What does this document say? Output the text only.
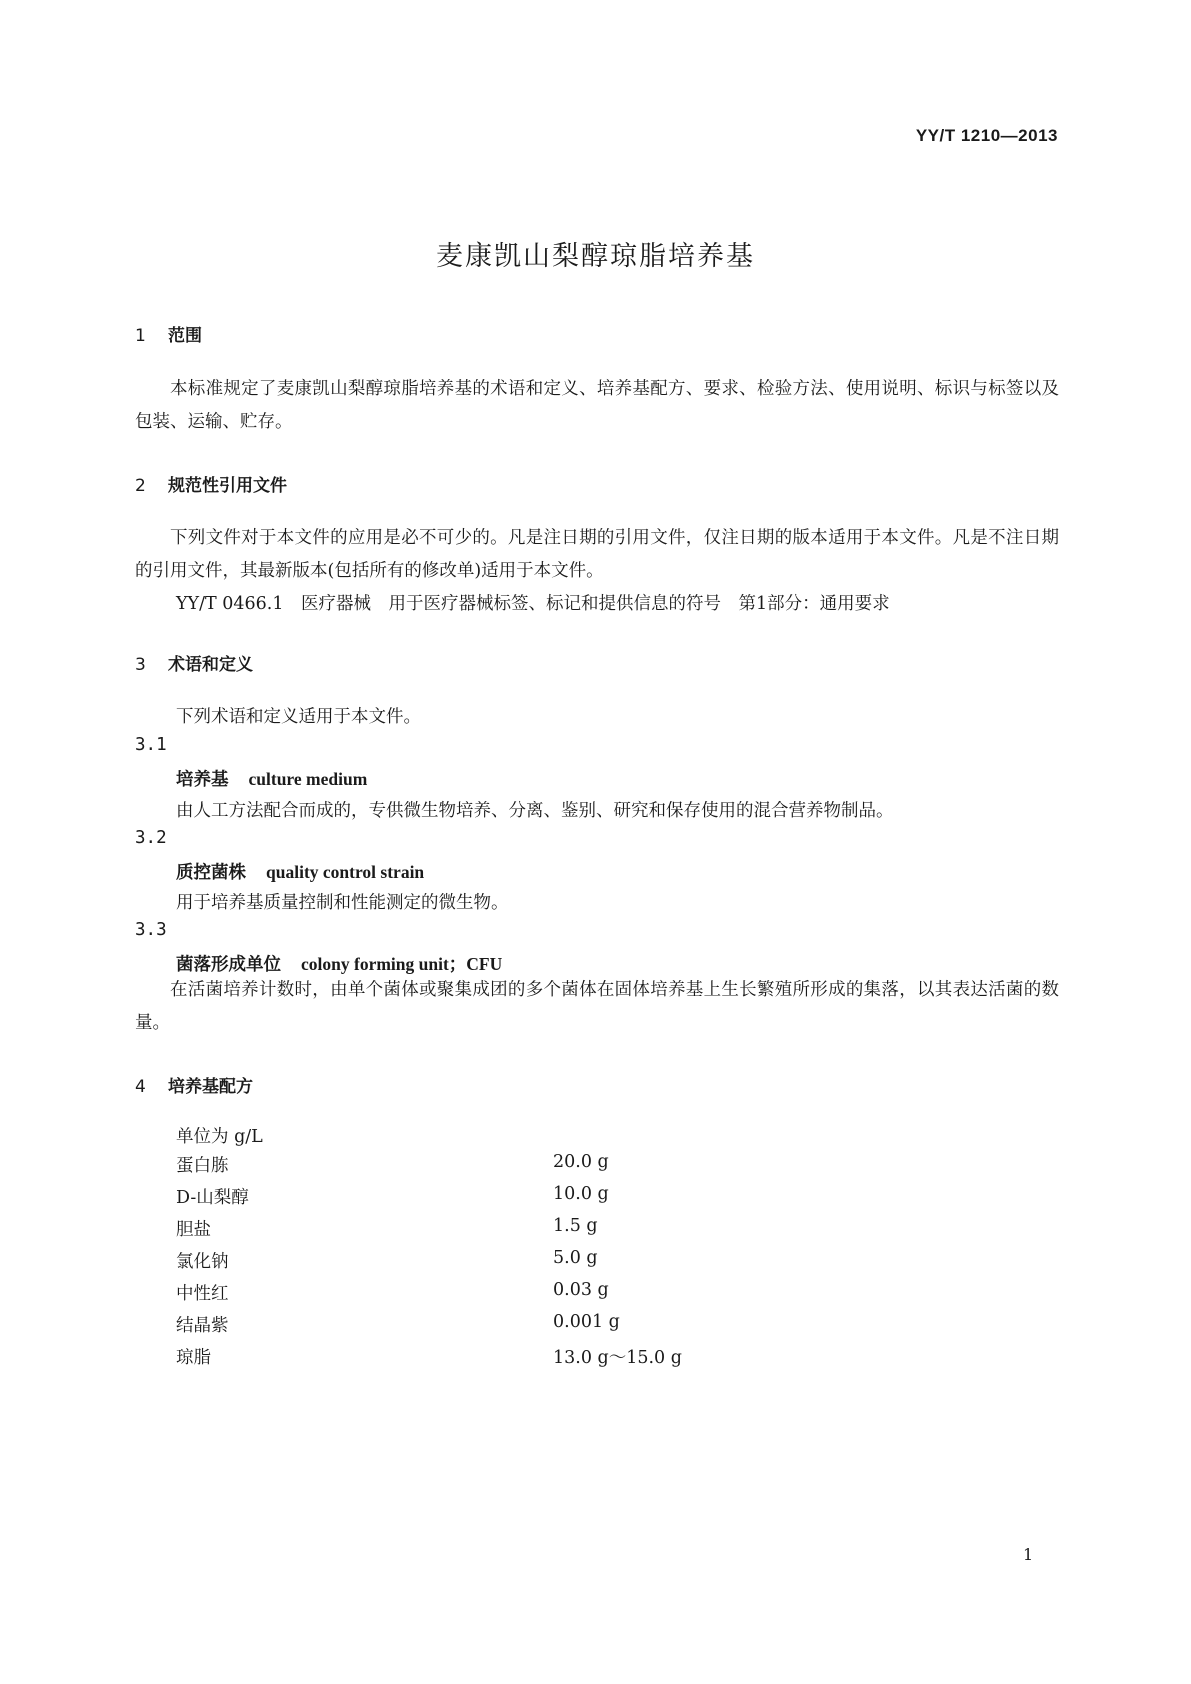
YY/T 1210—2013
麦康凯山梨醇琼脂培养基
1 范围
本标准规定了麦康凯山梨醇琼脂培养基的术语和定义、培养基配方、要求、检验方法、使用说明、标识与标签以及包装、运输、贮存。
2 规范性引用文件
下列文件对于本文件的应用是必不可少的。凡是注日期的引用文件，仅注日期的版本适用于本文件。凡是不注日期的引用文件，其最新版本(包括所有的修改单)适用于本文件。
YY/T 0466.1　医疗器械　用于医疗器械标签、标记和提供信息的符号　第1部分：通用要求
3 术语和定义
下列术语和定义适用于本文件。
3.1
培养基 culture medium
由人工方法配合而成的，专供微生物培养、分离、鉴别、研究和保存使用的混合营养物制品。
3.2
质控菌株 quality control strain
用于培养基质量控制和性能测定的微生物。
3.3
菌落形成单位 colony forming unit；CFU
在活菌培养计数时，由单个菌体或聚集成团的多个菌体在固体培养基上生长繁殖所形成的集落，以其表达活菌的数量。
4 培养基配方
单位为 g/L
蛋白胨	20.0 g
D-山梨醇	10.0 g
胆盐	1.5 g
氯化钠	5.0 g
中性红	0.03 g
结晶紫	0.001 g
琼脂	13.0 g～15.0 g
1
